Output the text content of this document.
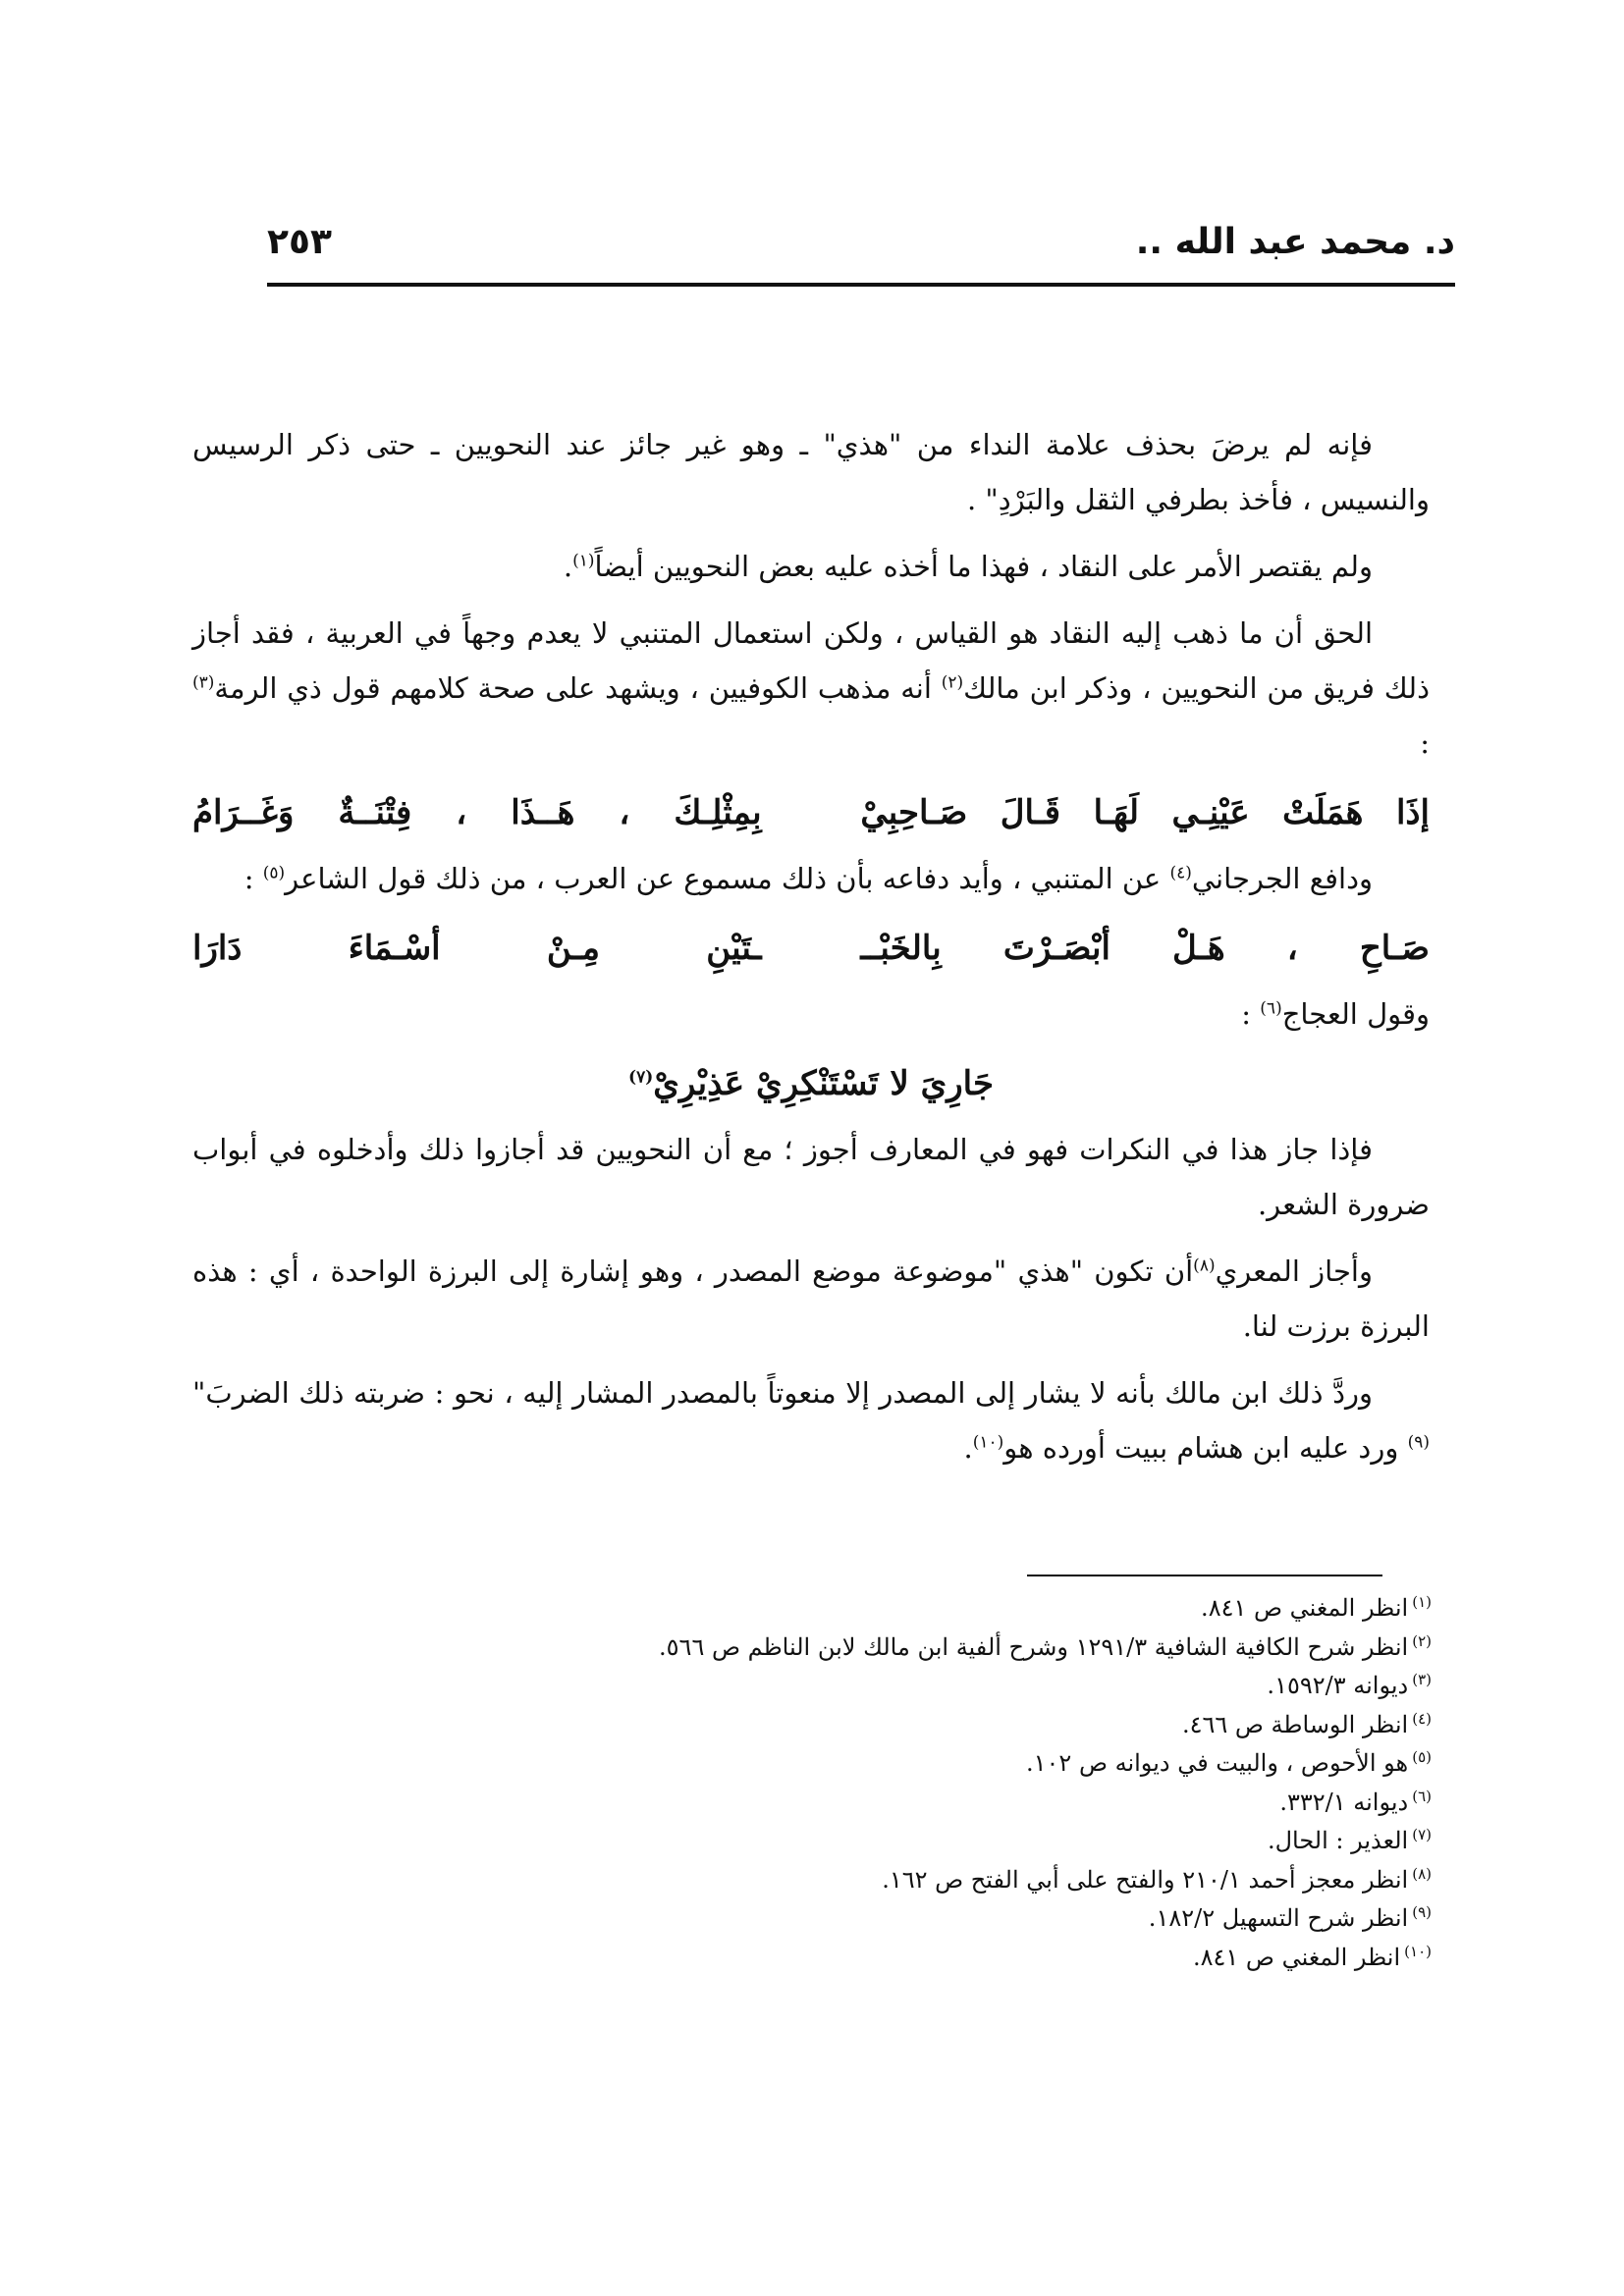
د. محمد عبد الله ..
٢٥٣

فإنه لم يرضَ بحذف علامة النداء من "هذي" ـ وهو غير جائز عند النحويين ـ حتى ذكر الرسيس والنسيس ، فأخذ بطرفي الثقل والبَرْدِ" .

ولم يقتصر الأمر على النقاد ، فهذا ما أخذه عليه بعض النحويين أيضاً$^{(١)}$.

الحق أن ما ذهب إليه النقاد هو القياس ، ولكن استعمال المتنبي لا يعدم وجهاً في العربية ، فقد أجاز ذلك فريق من النحويين ، وذكر ابن مالك$^{(٢)}$ أنه مذهب الكوفيين ، ويشهد على صحة كلامهم قول ذي الرمة$^{(٣)}$ :

إذَا هَمَلَتْ عَيْنِـي لَهَـا قَـالَ صَـاحِبِيْ
بِمِثْلِـكَ ، هَــذَا ، فِتْنَــةٌ وَغَــرَامُ

ودافع الجرجاني$^{(٤)}$ عن المتنبي ، وأيد دفاعه بأن ذلك مسموع عن العرب ، من ذلك قول الشاعر$^{(٥)}$ :

صَـاحِ ، هَـلْ أبْصَـرْتَ بِالخَبْــ
ـتَيْنِ مِـنْ أسْـمَاءَ دَارَا

وقول العجاج$^{(٦)}$ :

جَارِيَ لا تَسْتَنْكِرِيْ عَذِيْرِيْ$^{(٧)}$

فإذا جاز هذا في النكرات فهو في المعارف أجوز ؛ مع أن النحويين قد أجازوا ذلك وأدخلوه في أبواب ضرورة الشعر.

وأجاز المعري$^{(٨)}$أن تكون "هذي "موضوعة موضع المصدر ، وهو إشارة إلى البرزة الواحدة ، أي : هذه البرزة برزت لنا.

وردَّ ذلك ابن مالك بأنه لا يشار إلى المصدر إلا منعوتاً بالمصدر المشار إليه ، نحو : ضربته ذلك الضربَ"$^{(٩)}$ ورد عليه ابن هشام ببيت أورده هو$^{(١٠)}$.

$^{(١)}$انظر المغني ص ٨٤١.

$^{(٢)}$انظر شرح الكافية الشافية ١٢٩١/٣ وشرح ألفية ابن مالك لابن الناظم ص ٥٦٦.

$^{(٣)}$ديوانه ١٥٩٢/٣.

$^{(٤)}$انظر الوساطة ص ٤٦٦.

$^{(٥)}$هو الأحوص ، والبيت في ديوانه ص ١٠٢.

$^{(٦)}$ديوانه ٣٣٢/١.

$^{(٧)}$العذير : الحال.

$^{(٨)}$انظر معجز أحمد ٢١٠/١ والفتح على أبي الفتح ص ١٦٢.

$^{(٩)}$انظر شرح التسهيل ١٨٢/٢.

$^{(١٠)}$انظر المغني ص ٨٤١.
